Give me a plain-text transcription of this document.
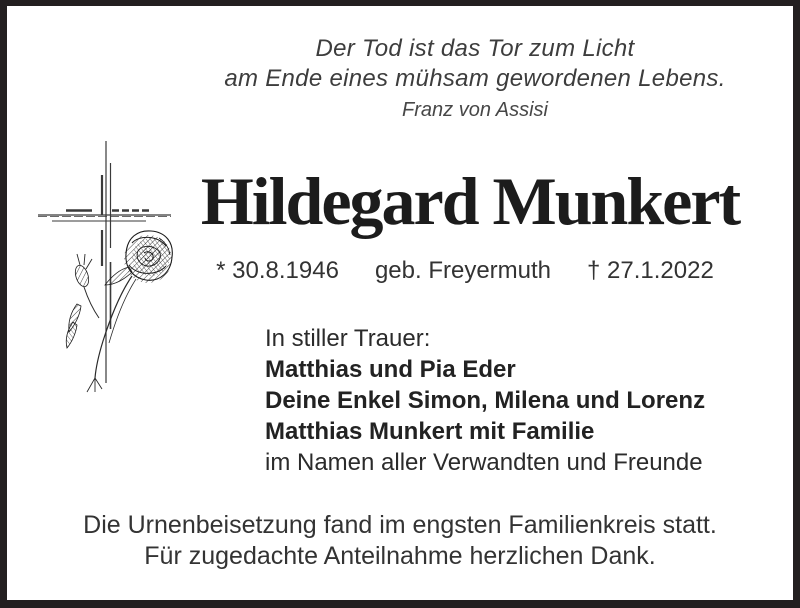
Der Tod ist das Tor zum Licht
am Ende eines mühsam gewordenen Lebens.
Franz von Assisi
Hildegard Munkert
* 30.8.1946 geb. Freyermuth † 27.1.2022
In stiller Trauer:
Matthias und Pia Eder
Deine Enkel Simon, Milena und Lorenz
Matthias Munkert mit Familie
im Namen aller Verwandten und Freunde
Die Urnenbeisetzung fand im engsten Familienkreis statt.
Für zugedachte Anteilnahme herzlichen Dank.
